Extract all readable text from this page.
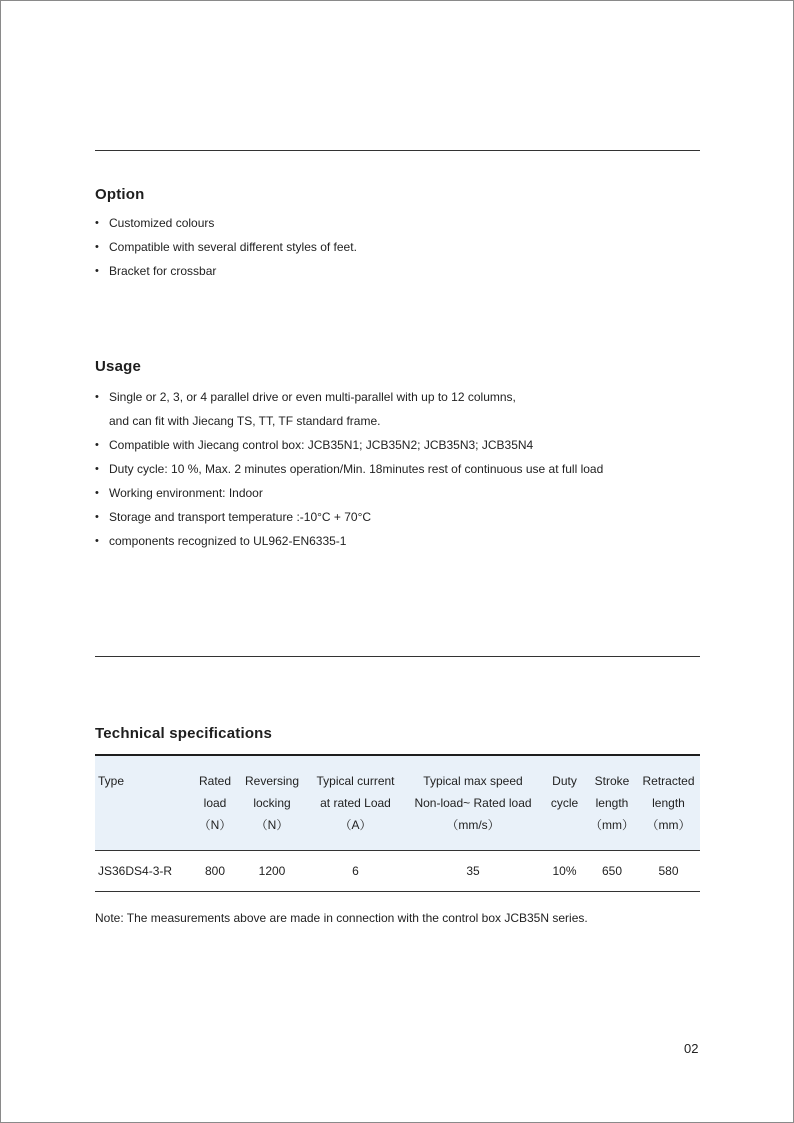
Option
• Customized colours
• Compatible with several different styles of feet.
• Bracket for crossbar
Usage
• Single or 2, 3, or 4 parallel drive or even multi-parallel with up to 12 columns,
and can fit with Jiecang TS, TT, TF standard frame.
• Compatible with Jiecang control box: JCB35N1; JCB35N2; JCB35N3; JCB35N4
• Duty cycle: 10 %, Max. 2 minutes operation/Min. 18minutes rest of continuous use at full load
• Working environment: Indoor
• Storage and transport temperature :-10°C + 70°C
• components recognized to UL962-EN6335-1
Technical specifications
Type	Rated
load
（N）	Reversing
locking
（N）	Typical current
at rated Load
（A）	Typical max speed
Non-load~ Rated load
（mm/s）	Duty
cycle	Stroke
length
（mm）	Retracted
length
（mm）

JS36DS4-3-R	800	1200	6	35	10%	650	580
Note: The measurements above are made in connection with the control box JCB35N series.
02
